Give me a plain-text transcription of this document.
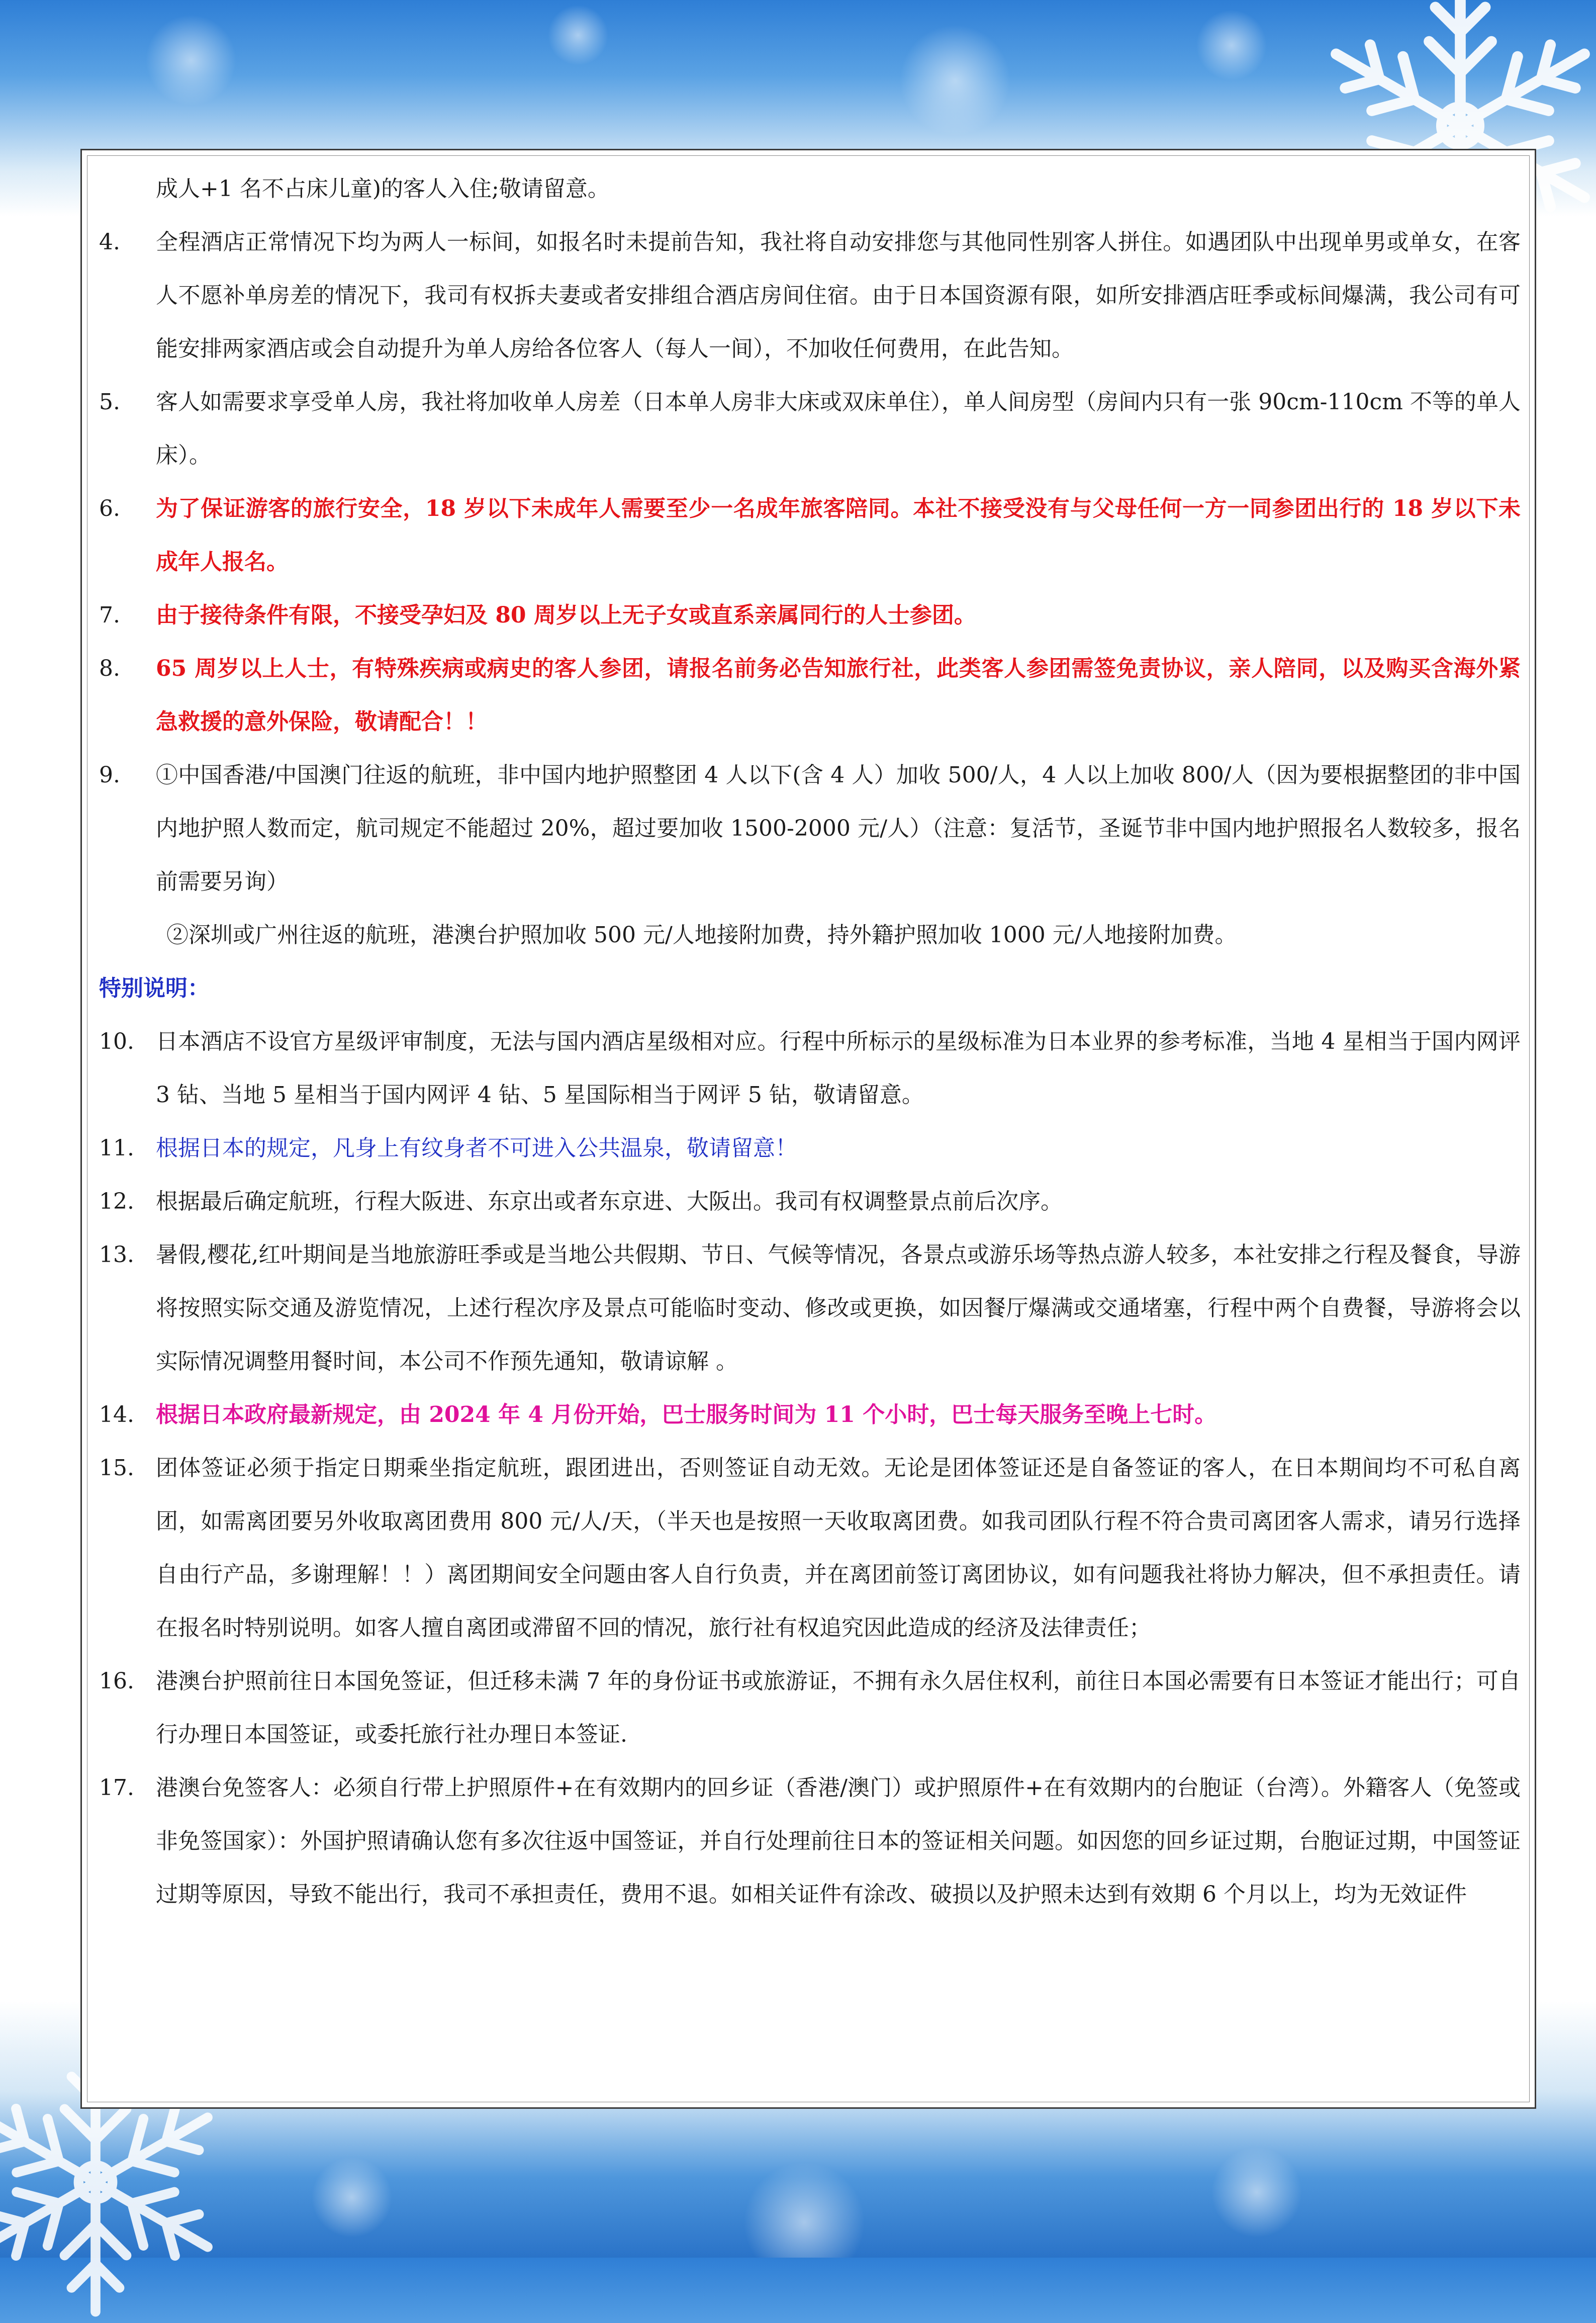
成人+1 名不占床儿童)的客人入住;敬请留意。
4.	全程酒店正常情况下均为两人一标间，如报名时未提前告知，我社将自动安排您与其他同性别客人拼住。如遇团队中出现单男或单女，在客人不愿补单房差的情况下，我司有权拆夫妻或者安排组合酒店房间住宿。由于日本国资源有限，如所安排酒店旺季或标间爆满，我公司有可能安排两家酒店或会自动提升为单人房给各位客人（每人一间），不加收任何费用，在此告知。
5.	客人如需要求享受单人房，我社将加收单人房差（日本单人房非大床或双床单住），单人间房型（房间内只有一张 90cm-110cm 不等的单人床）。
6.	为了保证游客的旅行安全，18 岁以下未成年人需要至少一名成年旅客陪同。本社不接受没有与父母任何一方一同参团出行的 18 岁以下未成年人报名。
7.	由于接待条件有限，不接受孕妇及 80 周岁以上无子女或直系亲属同行的人士参团。
8.	65 周岁以上人士，有特殊疾病或病史的客人参团，请报名前务必告知旅行社，此类客人参团需签免责协议，亲人陪同，以及购买含海外紧急救援的意外保险，敬请配合！！
9.	①中国香港/中国澳门往返的航班，非中国内地护照整团 4 人以下(含 4 人）加收 500/人，4 人以上加收 800/人（因为要根据整团的非中国内地护照人数而定，航司规定不能超过 20%，超过要加收 1500-2000 元/人）（注意：复活节，圣诞节非中国内地护照报名人数较多，报名前需要另询）
②深圳或广州往返的航班，港澳台护照加收 500 元/人地接附加费，持外籍护照加收 1000 元/人地接附加费。
特别说明：
10. 日本酒店不设官方星级评审制度，无法与国内酒店星级相对应。行程中所标示的星级标准为日本业界的参考标准，当地 4 星相当于国内网评 3 钻、当地 5 星相当于国内网评 4 钻、5 星国际相当于网评 5 钻，敬请留意。
11. 根据日本的规定，凡身上有纹身者不可进入公共温泉，敬请留意！
12. 根据最后确定航班，行程大阪进、东京出或者东京进、大阪出。我司有权调整景点前后次序。
13. 暑假,樱花,红叶期间是当地旅游旺季或是当地公共假期、节日、气候等情况，各景点或游乐场等热点游人较多，本社安排之行程及餐食，导游将按照实际交通及游览情况，上述行程次序及景点可能临时变动、修改或更换，如因餐厅爆满或交通堵塞，行程中两个自费餐，导游将会以实际情况调整用餐时间，本公司不作预先通知，敬请谅解 。
14. 根据日本政府最新规定，由 2024 年 4 月份开始，巴士服务时间为 11 个小时，巴士每天服务至晚上七时。
15. 团体签证必须于指定日期乘坐指定航班，跟团进出，否则签证自动无效。无论是团体签证还是自备签证的客人，在日本期间均不可私自离团，如需离团要另外收取离团费用 800 元/人/天，（半天也是按照一天收取离团费。如我司团队行程不符合贵司离团客人需求，请另行选择自由行产品，多谢理解！！）离团期间安全问题由客人自行负责，并在离团前签订离团协议，如有问题我社将协力解决，但不承担责任。请在报名时特别说明。如客人擅自离团或滞留不回的情况，旅行社有权追究因此造成的经济及法律责任；
16. 港澳台护照前往日本国免签证，但迁移未满 7 年的身份证书或旅游证，不拥有永久居住权利，前往日本国必需要有日本签证才能出行；可自行办理日本国签证，或委托旅行社办理日本签证.
17. 港澳台免签客人：必须自行带上护照原件+在有效期内的回乡证（香港/澳门）或护照原件+在有效期内的台胞证（台湾）。外籍客人（免签或非免签国家）：外国护照请确认您有多次往返中国签证，并自行处理前往日本的签证相关问题。如因您的回乡证过期，台胞证过期，中国签证过期等原因，导致不能出行，我司不承担责任，费用不退。如相关证件有涂改、破损以及护照未达到有效期 6 个月以上，均为无效证件
